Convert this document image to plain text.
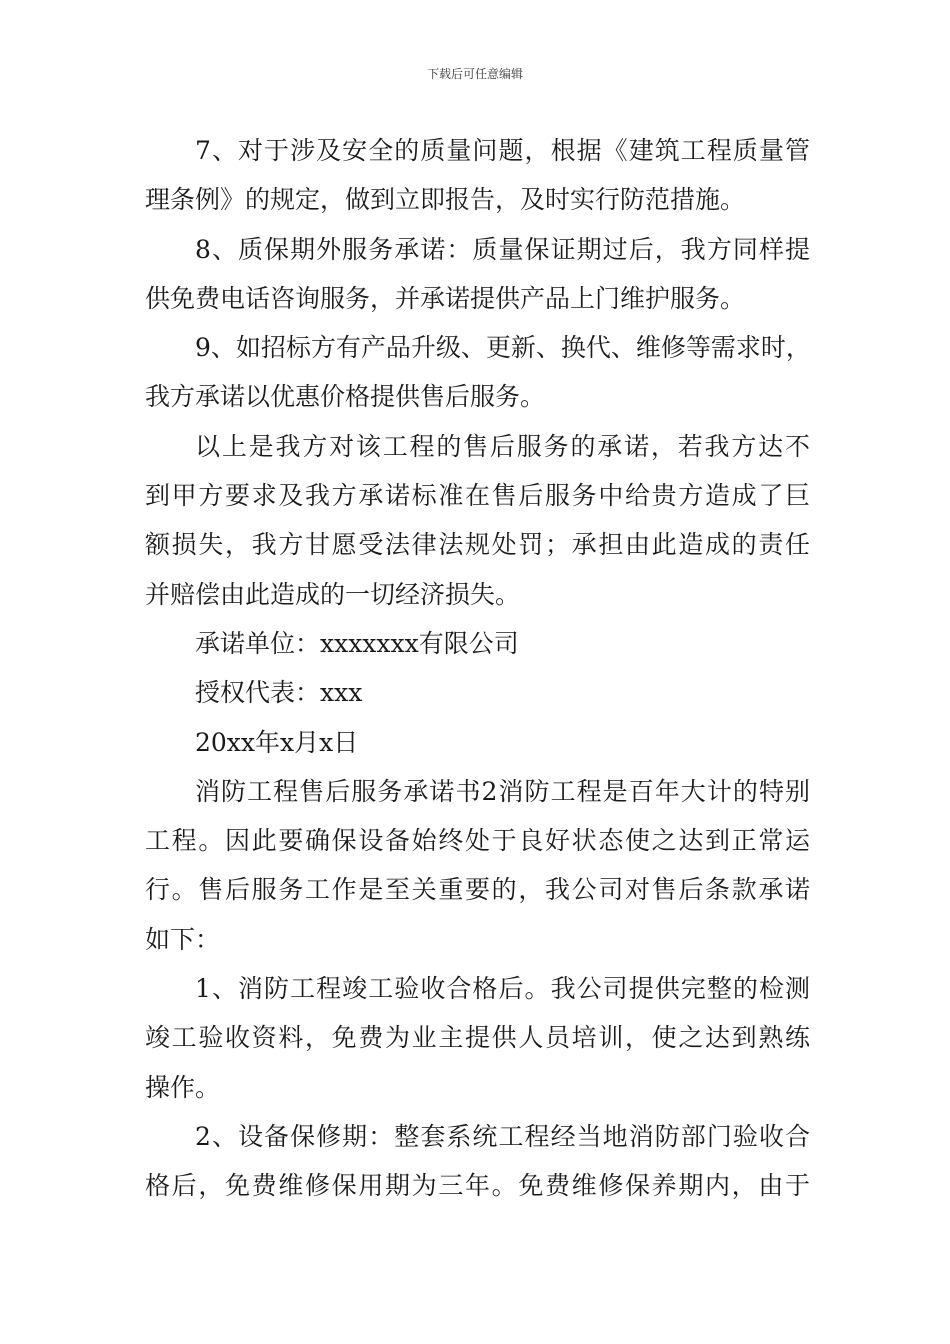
下载后可任意编辑
7、对于涉及安全的质量问题，根据《建筑工程质量管
理条例》的规定，做到立即报告，及时实行防范措施。
8、质保期外服务承诺：质量保证期过后，我方同样提
供免费电话咨询服务，并承诺提供产品上门维护服务。
9、如招标方有产品升级、更新、换代、维修等需求时，
我方承诺以优惠价格提供售后服务。
以上是我方对该工程的售后服务的承诺，若我方达不
到甲方要求及我方承诺标准在售后服务中给贵方造成了巨
额损失，我方甘愿受法律法规处罚；承担由此造成的责任
并赔偿由此造成的一切经济损失。
承诺单位：xxxxxxx有限公司
授权代表：xxx
20xx年x月x日
消防工程售后服务承诺书2消防工程是百年大计的特别
工程。因此要确保设备始终处于良好状态使之达到正常运
行。售后服务工作是至关重要的，我公司对售后条款承诺
如下：
1、消防工程竣工验收合格后。我公司提供完整的检测
竣工验收资料，免费为业主提供人员培训，使之达到熟练
操作。
2、设备保修期：整套系统工程经当地消防部门验收合
格后，免费维修保用期为三年。免费维修保养期内，由于
